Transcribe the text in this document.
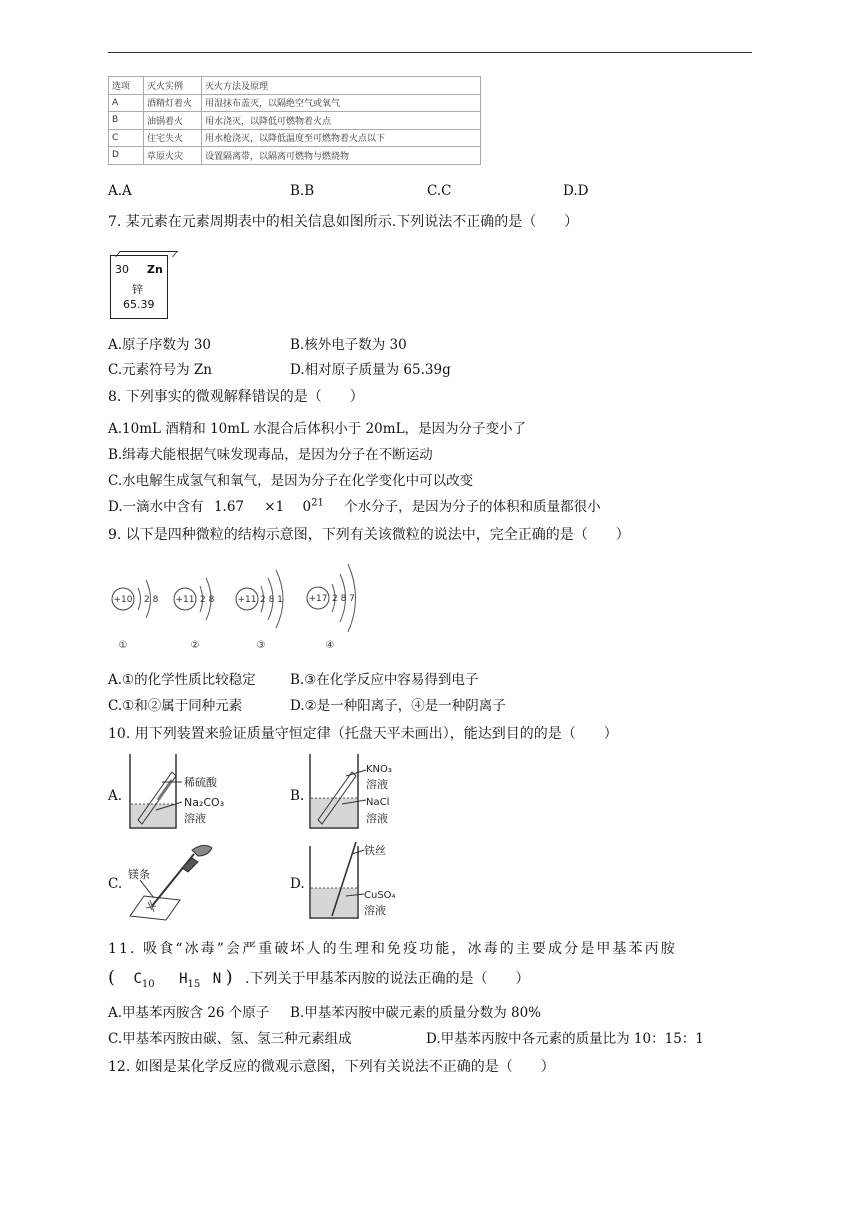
选项	灭火实例	灭火方法及原理
A	酒精灯着火	用湿抹布盖灭，以隔绝空气或氧气
B	油锅着火	用水浇灭，以降低可燃物着火点
C	住宅失火	用水枪浇灭，以降低温度至可燃物着火点以下
D	草原火灾	设置隔离带，以隔离可燃物与燃烧物
A.A	B.B	C.C	D.D
7. 某元素在元素周期表中的相关信息如图所示.下列说法不正确的是（　　）
30 Zn
锌
65.39
A.原子序数为 30	B.核外电子数为 30
C.元素符号为 Zn	D.相对原子质量为 65.39g
8. 下列事实的微观解释错误的是（　　）
A.10mL 酒精和 10mL 水混合后体积小于 20mL，是因为分子变小了
B.缉毒犬能根据气味发现毒品，是因为分子在不断运动
C.水电解生成氢气和氧气，是因为分子在化学变化中可以改变
D.一滴水中含有 1.67 ×1 $0^{21}$ 个水分子，是因为分子的体积和质量都很小
9. 以下是四种微粒的结构示意图，下列有关该微粒的说法中，完全正确的是（　　）
+10 2 8
①
+11 2 8
②
+11 2 8 1
③
+17 2 8 7
④
A.①的化学性质比较稳定	B.③在化学反应中容易得到电子
C.①和②属于同种元素	D.②是一种阳离子，④是一种阴离子
10. 用下列装置来验证质量守恒定律（托盘天平未画出），能达到目的的是（　　）
A.
稀硫酸
Na₂CO₃
溶液
B.
KNO₃
溶液
NaCl
溶液
C.
镁条
D.
铁丝
CuSO₄
溶液
11. 吸食“冰毒”会严重破坏人的生理和免疫功能，冰毒的主要成分是甲基苯丙胺
( $C_{10}$ $H_{15}$ N ) .下列关于甲基苯丙胺的说法正确的是（　　）
A.甲基苯丙胺含 26 个原子 B.甲基苯丙胺中碳元素的质量分数为 80%
C.甲基苯丙胺由碳、氢、氢三种元素组成	D.甲基苯丙胺中各元素的质量比为 10：15：1
12. 如图是某化学反应的微观示意图，下列有关说法不正确的是（　　）
